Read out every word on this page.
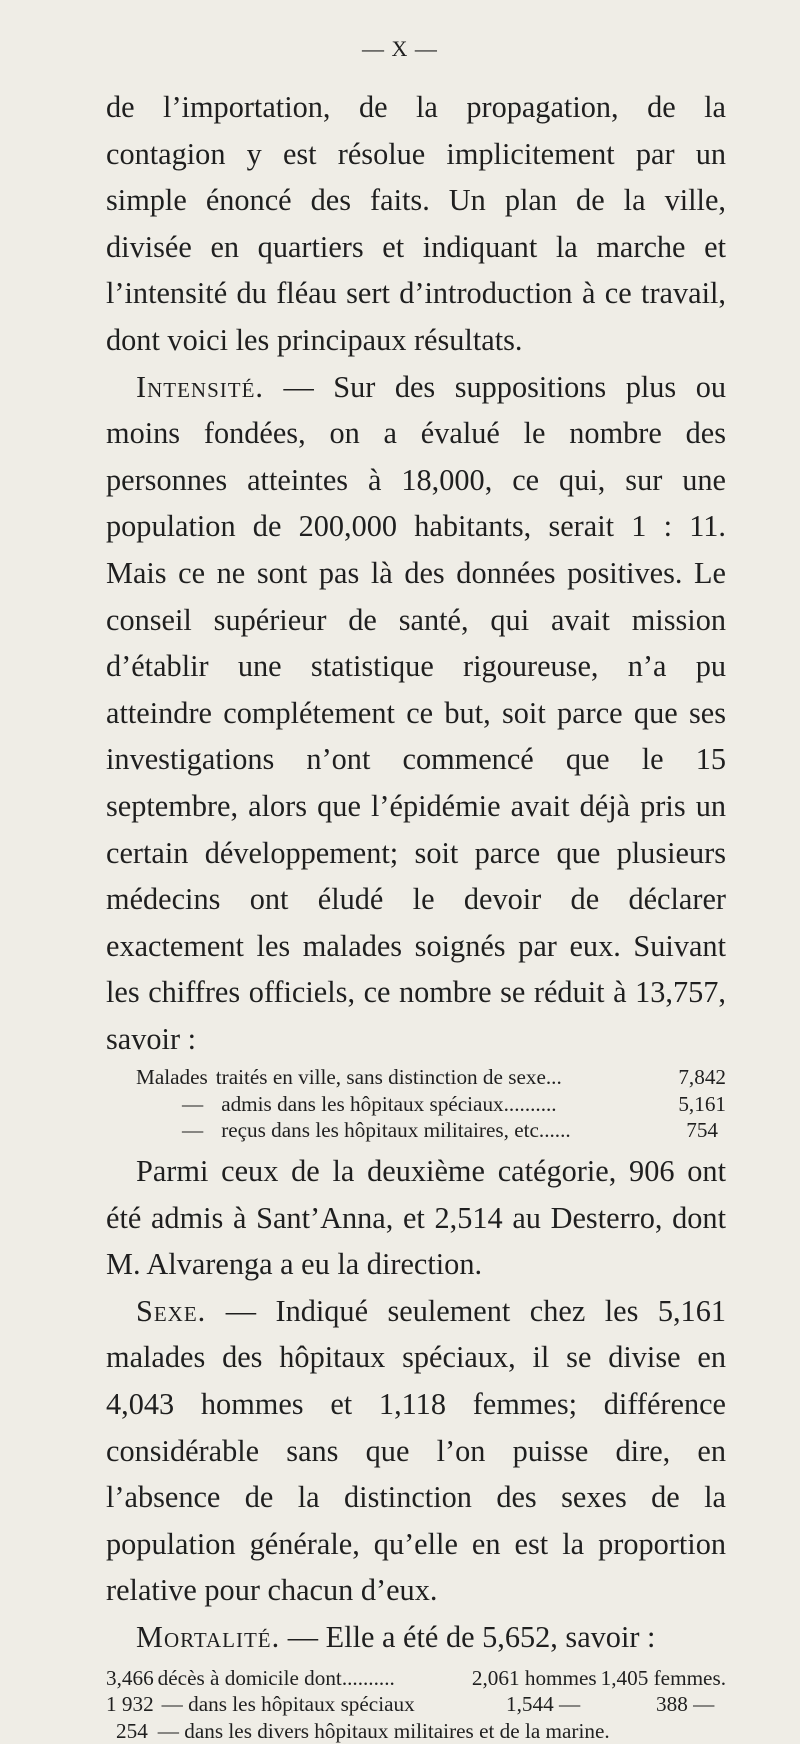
— X —

de l’importation, de la propagation, de la contagion y est résolue implicitement par un simple énoncé des faits. Un plan de la ville, divisée en quartiers et indiquant la marche et l’intensité du fléau sert d’introduction à ce travail, dont voici les principaux résultats.

Intensité. — Sur des suppositions plus ou moins fondées, on a évalué le nombre des personnes atteintes à 18,000, ce qui, sur une population de 200,000 habitants, serait 1 : 11. Mais ce ne sont pas là des données positives. Le conseil supérieur de santé, qui avait mission d’établir une statistique rigoureuse, n’a pu atteindre complétement ce but, soit parce que ses investigations n’ont commencé que le 15 septembre, alors que l’épidémie avait déjà pris un certain développement; soit parce que plusieurs médecins ont éludé le devoir de déclarer exactement les malades soignés par eux. Suivant les chiffres officiels, ce nombre se réduit à 13,757, savoir :

Malades traités en ville, sans distinction de sexe...	7,842
— admis dans les hôpitaux spéciaux..........	5,161
— reçus dans les hôpitaux militaires, etc......	754

Parmi ceux de la deuxième catégorie, 906 ont été admis à Sant’Anna, et 2,514 au Desterro, dont M. Alvarenga a eu la direction.

Sexe. — Indiqué seulement chez les 5,161 malades des hôpitaux spéciaux, il se divise en 4,043 hommes et 1,118 femmes; différence considérable sans que l’on puisse dire, en l’absence de la distinction des sexes de la population générale, qu’elle en est la proportion relative pour chacun d’eux.

Mortalité. — Elle a été de 5,652, savoir :

3,466 décès à domicile dont..........	2,061 hommes 1,405 femmes.
1 932 — dans les hôpitaux spéciaux	1,544 —	388 —
254 — dans les divers hôpitaux militaires et de la marine.
